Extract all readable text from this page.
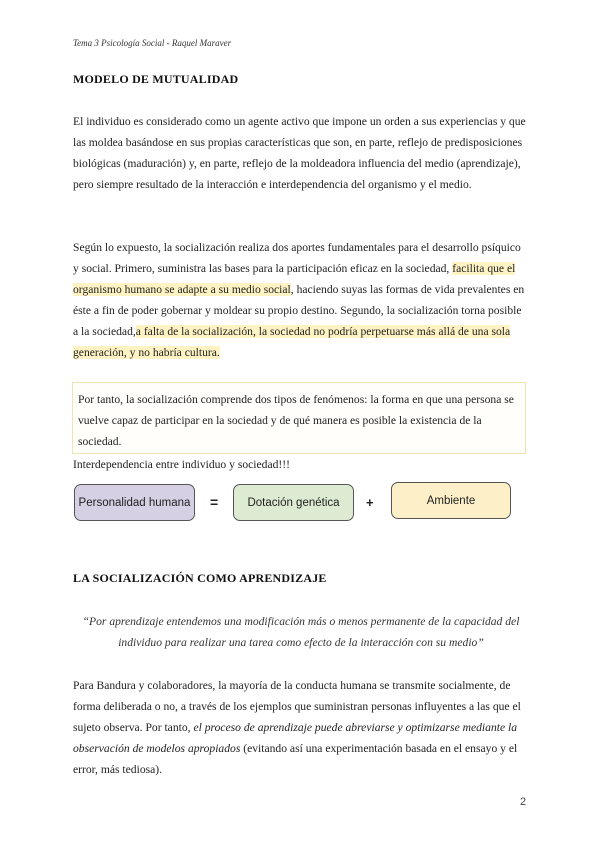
Tema 3 Psicología Social - Raquel Maraver
MODELO DE MUTUALIDAD
El individuo es considerado como un agente activo que impone un orden a sus experiencias y que las moldea basándose en sus propias características que son, en parte, reflejo de predisposiciones biológicas (maduración) y, en parte, reflejo de la moldeadora influencia del medio (aprendizaje), pero siempre resultado de la interacción e interdependencia del organismo y el medio.
Según lo expuesto, la socialización realiza dos aportes fundamentales para el desarrollo psíquico y social. Primero, suministra las bases para la participación eficaz en la sociedad, facilita que el organismo humano se adapte a su medio social, haciendo suyas las formas de vida prevalentes en éste a fin de poder gobernar y moldear su propio destino. Segundo, la socialización torna posible a la sociedad,a falta de la socialización, la sociedad no podría perpetuarse más allá de una sola generación, y no habría cultura.
Por tanto, la socialización comprende dos tipos de fenómenos: la forma en que una persona se vuelve capaz de participar en la sociedad y de qué manera es posible la existencia de la sociedad.
Interdependencia entre individuo y sociedad!!!
Personalidad humana =	Dotación genética +	Ambiente
LA SOCIALIZACIÓN COMO APRENDIZAJE
“Por aprendizaje entendemos una modificación más o menos permanente de la capacidad del individuo para realizar una tarea como efecto de la interacción con su medio”
Para Bandura y colaboradores, la mayoría de la conducta humana se transmite socialmente, de forma deliberada o no, a través de los ejemplos que suministran personas influyentes a las que el sujeto observa. Por tanto, el proceso de aprendizaje puede abreviarse y optimizarse mediante la observación de modelos apropiados (evitando así una experimentación basada en el ensayo y el error, más tediosa).
2
